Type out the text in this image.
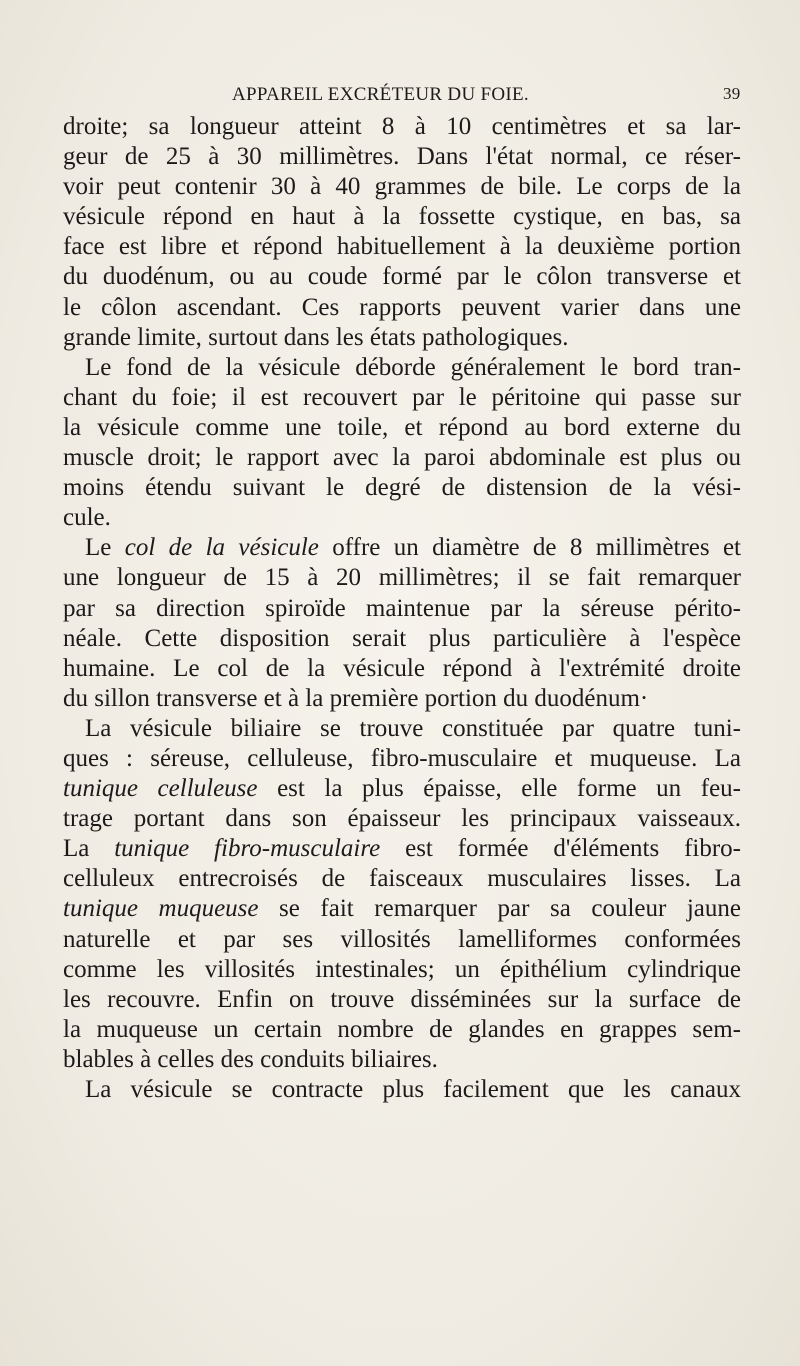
APPAREIL EXCRÉTEUR DU FOIE.	39
droite; sa longueur atteint 8 à 10 centimètres et sa lar-
geur de 25 à 30 millimètres. Dans l'état normal, ce réser-
voir peut contenir 30 à 40 grammes de bile. Le corps de la
vésicule répond en haut à la fossette cystique, en bas, sa
face est libre et répond habituellement à la deuxième portion
du duodénum, ou au coude formé par le côlon transverse et
le côlon ascendant. Ces rapports peuvent varier dans une
grande limite, surtout dans les états pathologiques.
Le fond de la vésicule déborde généralement le bord tran-
chant du foie; il est recouvert par le péritoine qui passe sur
la vésicule comme une toile, et répond au bord externe du
muscle droit; le rapport avec la paroi abdominale est plus ou
moins étendu suivant le degré de distension de la vési-
cule.
Le col de la vésicule offre un diamètre de 8 millimètres et
une longueur de 15 à 20 millimètres; il se fait remarquer
par sa direction spiroïde maintenue par la séreuse périto-
néale. Cette disposition serait plus particulière à l'espèce
humaine. Le col de la vésicule répond à l'extrémité droite
du sillon transverse et à la première portion du duodénum·
La vésicule biliaire se trouve constituée par quatre tuni-
ques : séreuse, celluleuse, fibro-musculaire et muqueuse. La
tunique celluleuse est la plus épaisse, elle forme un feu-
trage portant dans son épaisseur les principaux vaisseaux.
La tunique fibro-musculaire est formée d'éléments fibro-
celluleux entrecroisés de faisceaux musculaires lisses. La
tunique muqueuse se fait remarquer par sa couleur jaune
naturelle et par ses villosités lamelliformes conformées
comme les villosités intestinales; un épithélium cylindrique
les recouvre. Enfin on trouve disséminées sur la surface de
la muqueuse un certain nombre de glandes en grappes sem-
blables à celles des conduits biliaires.
La vésicule se contracte plus facilement que les canaux
